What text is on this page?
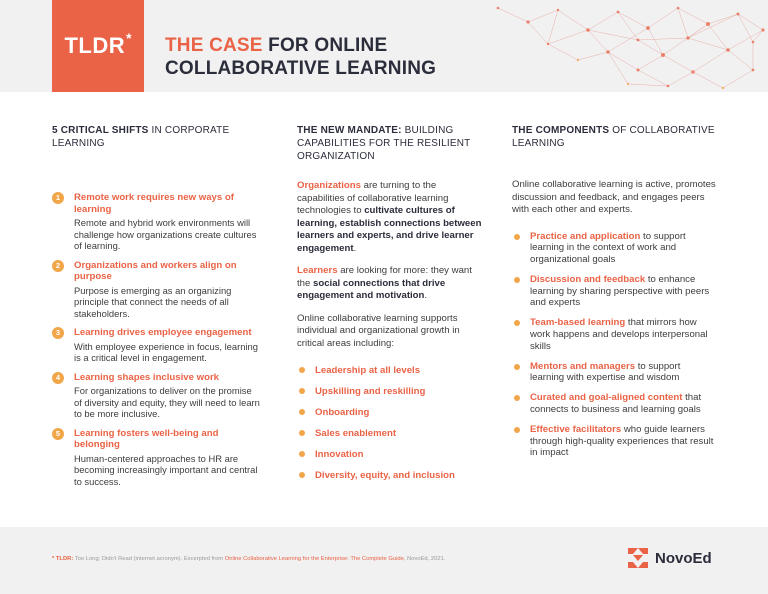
TLDR * THE CASE FOR ONLINE
COLLABORATIVE LEARNING
5 CRITICAL SHIFTS IN CORPORATE LEARNING
1	Remote work requires new ways of learning
Remote and hybrid work environments will challenge how organizations create cultures of learning.
2	Organizations and workers align on purpose
Purpose is emerging as an organizing principle that connect the needs of all stakeholders.
3	Learning drives employee engagement
With employee experience in focus, learning is a critical level in engagement.
4	Learning shapes inclusive work
For organizations to deliver on the promise of diversity and equity, they will need to learn to be more inclusive.
5	Learning fosters well-being and belonging
Human-centered approaches to HR are becoming increasingly important and central to success.
THE NEW MANDATE: BUILDING CAPABILITIES FOR THE RESILIENT ORGANIZATION

Organizations are turning to the capabilities of collaborative learning technologies to cultivate cultures of learning, establish connections between learners and experts, and drive learner engagement.

Learners are looking for more: they want the social connections that drive engagement and motivation.

Online collaborative learning supports individual and organizational growth in critical areas including:

Leadership at all levels
Upskilling and reskilling
Onboarding
Sales enablement
Innovation
Diversity, equity, and inclusion
THE COMPONENTS OF COLLABORATIVE LEARNING

Online collaborative learning is active, promotes discussion and feedback, and engages peers with each other and experts.

Practice and application to support learning in the context of work and organizational goals
Discussion and feedback to enhance learning by sharing perspective with peers and experts
Team-based learning that mirrors how work happens and develops interpersonal skills
Mentors and managers to support learning with expertise and wisdom
Curated and goal-aligned content that connects to business and learning goals
Effective facilitators who guide learners through high-quality experiences that result in impact
* TLDR: Too Long; Didn't Read (internet acronym). Excerpted from Online Collaborative Learning for the Enterprise: The Complete Guide, NovoEd, 2021.	NovoEd
